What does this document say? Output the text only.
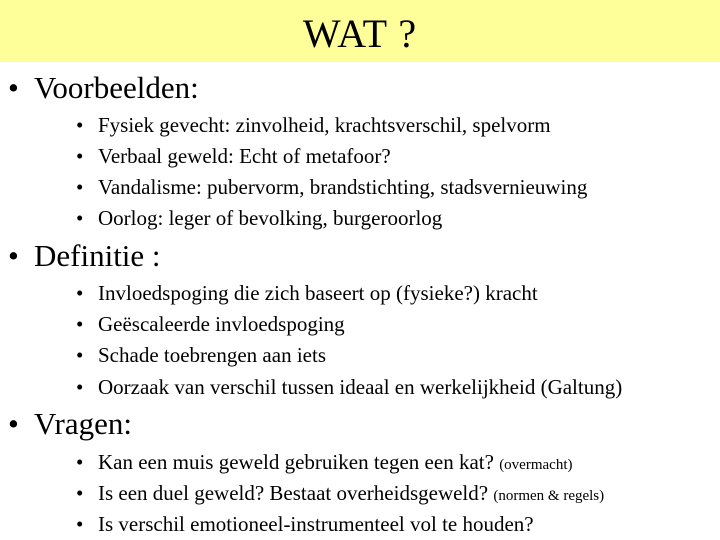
WAT ?
• Voorbeelden:
• Fysiek gevecht: zinvolheid, krachtsverschil, spelvorm
• Verbaal geweld: Echt of metafoor?
• Vandalisme: pubervorm, brandstichting, stadsvernieuwing
• Oorlog: leger of bevolking, burgeroorlog
• Definitie :
• Invloedspoging die zich baseert op (fysieke?) kracht
• Geëscaleerde invloedspoging
• Schade toebrengen aan iets
• Oorzaak van verschil tussen ideaal en werkelijkheid (Galtung)
• Vragen:
• Kan een muis geweld gebruiken tegen een kat? (overmacht)
• Is een duel geweld? Bestaat overheidsgeweld? (normen & regels)
• Is verschil emotioneel-instrumenteel vol te houden?
